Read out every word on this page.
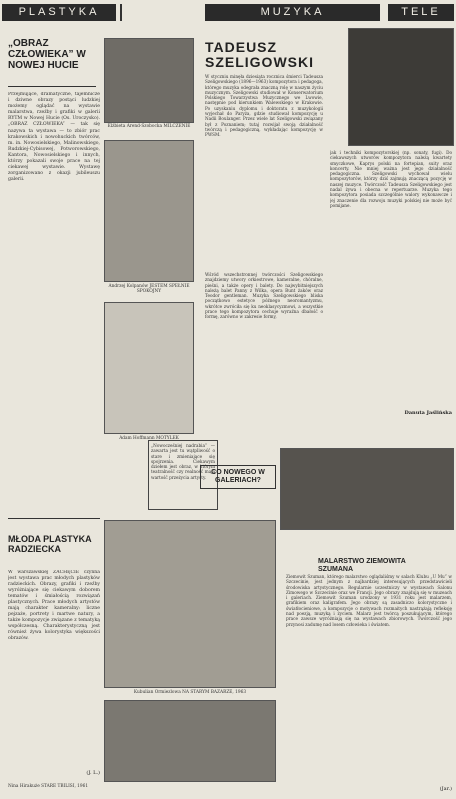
PLASTYKA	MUZYKA	TELE
„OBRAZ CZŁOWIEKA” W NOWEJ HUCIE
Przejmujące, dramatyczne, tajemnicze i dziwne obrazy postąci ludzkiej możemy oglądać na wystawie malarstwa, rzeźby i grafiki w galerii RYTM w Nowej Hucie (Os. Uroczysko). „OBRAZ CZŁOWIEKA” — tak się nazywa ta wystawa — to zbiór prac krakowskich i nowohuckich twórców, m. in. Nowosielskiego, Malinowskiego, Rudzkiej-Cybisowej, Potworowskiego, Kantora, Nowosielskiego i innych, którzy pokazali swoje prace na tej ciekawej wystawie. Wystawę zorganizowano z okazji jubileuszu galerii.
Elżbieta Arend-Szobocka MILCZENIE
Andrzej Kolpanów JESTEM SPEŁNIE SPOKOJNY
Adam Hoffmann MOTYLEK
„Nowocześniej nadrabia” — zawarta jest tu wątpliwość o stare i zmieniające się spojrzenia. Ciekawym dziełem jest obraz, w którym teatralność czy realność mają wartość przeżycia artysty.
TADEUSZ SZELIGOWSKI
W styczniu minęła dziesiąta rocznica śmierci Tadeusza Szeligowskiego (1896—1963) kompozytora i pedagoga, którego muzyka odegrała znaczną rolę w naszym życiu muzycznym. Szeligowski studiował w Konserwatorium Polskiego Towarzystwa Muzycznego we Lwowie, następnie pod kierunkiem Walewskiego w Krakowie. Po uzyskaniu dyplomu i doktoratu z muzykologii wyjechał do Paryża, gdzie studiował kompozycję u Nadii Boulanger. Przez wiele lat Szeligowski związany był z Poznaniem; tutaj rozwijał swoją działalność twórczą i pedagogiczną, wykładając kompozycję w PWSM.
Wśród wszechstronnej twórczości Szeligowskiego znajdziemy utwory orkiestrowe, kameralne, chóralne, pieśni, a także opery i balety. Do najwybitniejszych należą balet Panny z Wilka, opera Bunt żaków oraz Teodor gentleman. Muzyka Szeligowskiego bliska początkowo estetyce późnego neoromantyzmu, wkrótce zwróciła się ku neoklasycyzmowi, a wszystkie prace tego kompozytora cechuje wyraźna dbałość o formę, zarówno w zakresie formy,
jak i techniki kompozytorskiej (np. sonaty, fugi). Do ciekawszych utworów kompozytora należą kwartety smyczkowe, Kaprys polski na fortepian, suity oraz koncerty. Nie mniej ważna jest jego działalność pedagogiczna. Szeligowski wychował wielu kompozytorów, którzy dziś zajmują znaczącą pozycję w naszej muzyce. Twórczość Tadeusza Szeligowskiego jest nadal żywa i obecna w repertuarze. Muzyka tego kompozytora posiada szczególnie walory wykonawcze i jej znaczenie dla rozwoju muzyki polskiej nie może być pomijane.
Danuta Jaślińska
CO NOWEGO W GALERIACH?
MALARSTWO ZIEMOWITA SZUMANA
Ziemowit Szuman, którego malarstwo oglądaliśmy w salach Klubu „U Mu” w Szczecinie, jest jednym z najbardziej interesujących przedstawicieli środowiska artystycznego. Regularnie uczestniczy w wystawach Salonu Zimowego w Szczecinie oraz we Francji. Jego obrazy znajdują się w muzeach i galeriach. Ziemowit Szuman urodzony w 1931 roku jest malarzem, grafikiem oraz kaligrafem. Jego obrazy są zasadniczo kolorystyczne i światłocieniowe, a kompozycje o motywach rozmaitych nastrążają refleksję nad poezją, muzyką i życiem. Malarz jest twórcą poszukującym, którego prace zawsze wyróżniają się na wystawach zbiorowych. Twórczość jego przynosi zadumę nad losem człowieka i światem.
(Jar.)
MŁODA PLASTYKA RADZIECKA
W warszawskiej ZACHĘCIE czynna jest wystawa prac młodych plastyków radzieckich. Obrazy, grafiki i rzeźby wyróżniające się ciekawym doborem tematów i śmiałością rozwiązań plastycznych. Prace młodych artystów mają charakter kameralny: liczne pejzaże, portrety i martwe natury, a także kompozycje związane z tematyką współczesną. Charakterystyczną jest również żywa kolorystyka większości obrazów.
(J. L.)
Kubulian Ormiezlowa NA STARYM BAZARZE, 1963
Nina Hirakuże STARE TBILISI, 1961
